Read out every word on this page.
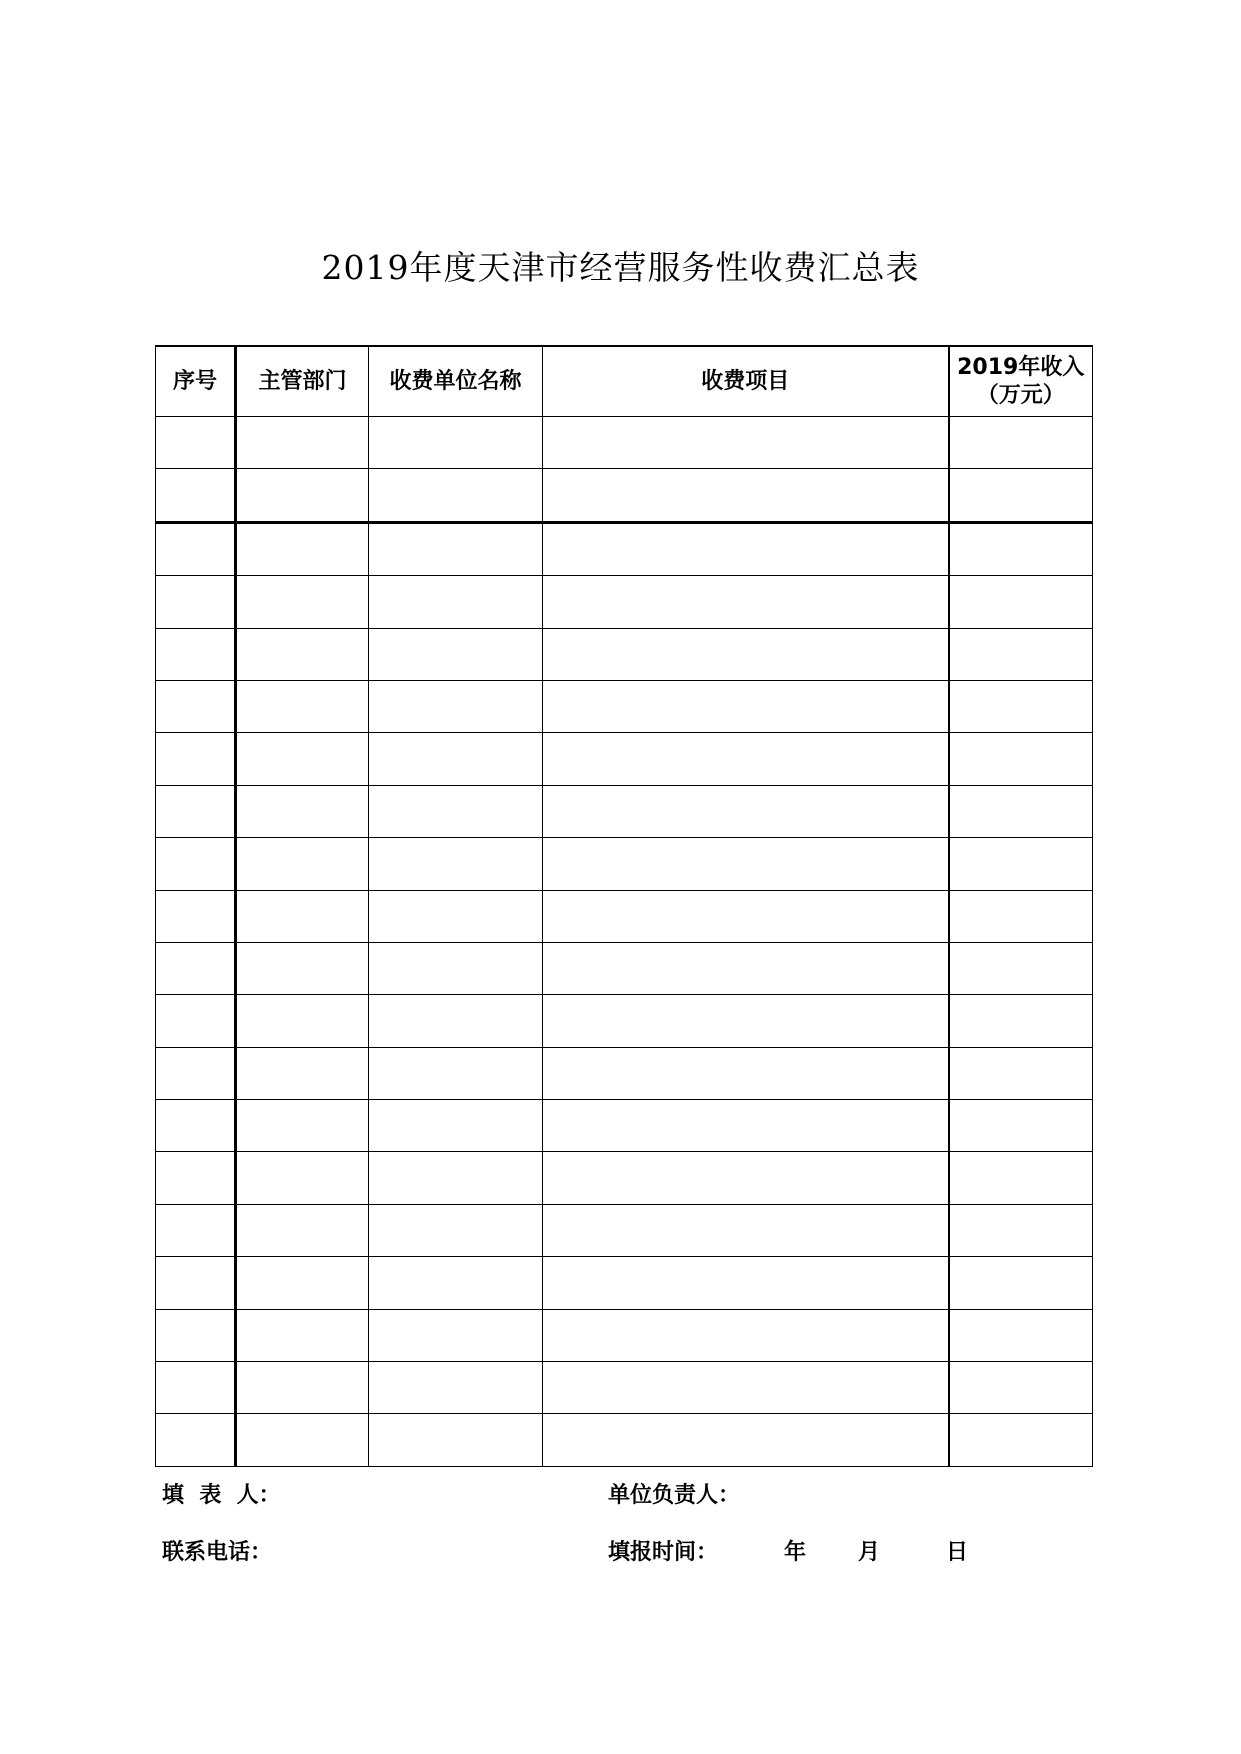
2019年度天津市经营服务性收费汇总表
序号	主管部门	收费单位名称	收费项目	2019年收入
（万元）

填  表  人：	单位负责人：
联系电话：	填报时间：	年 月	日
